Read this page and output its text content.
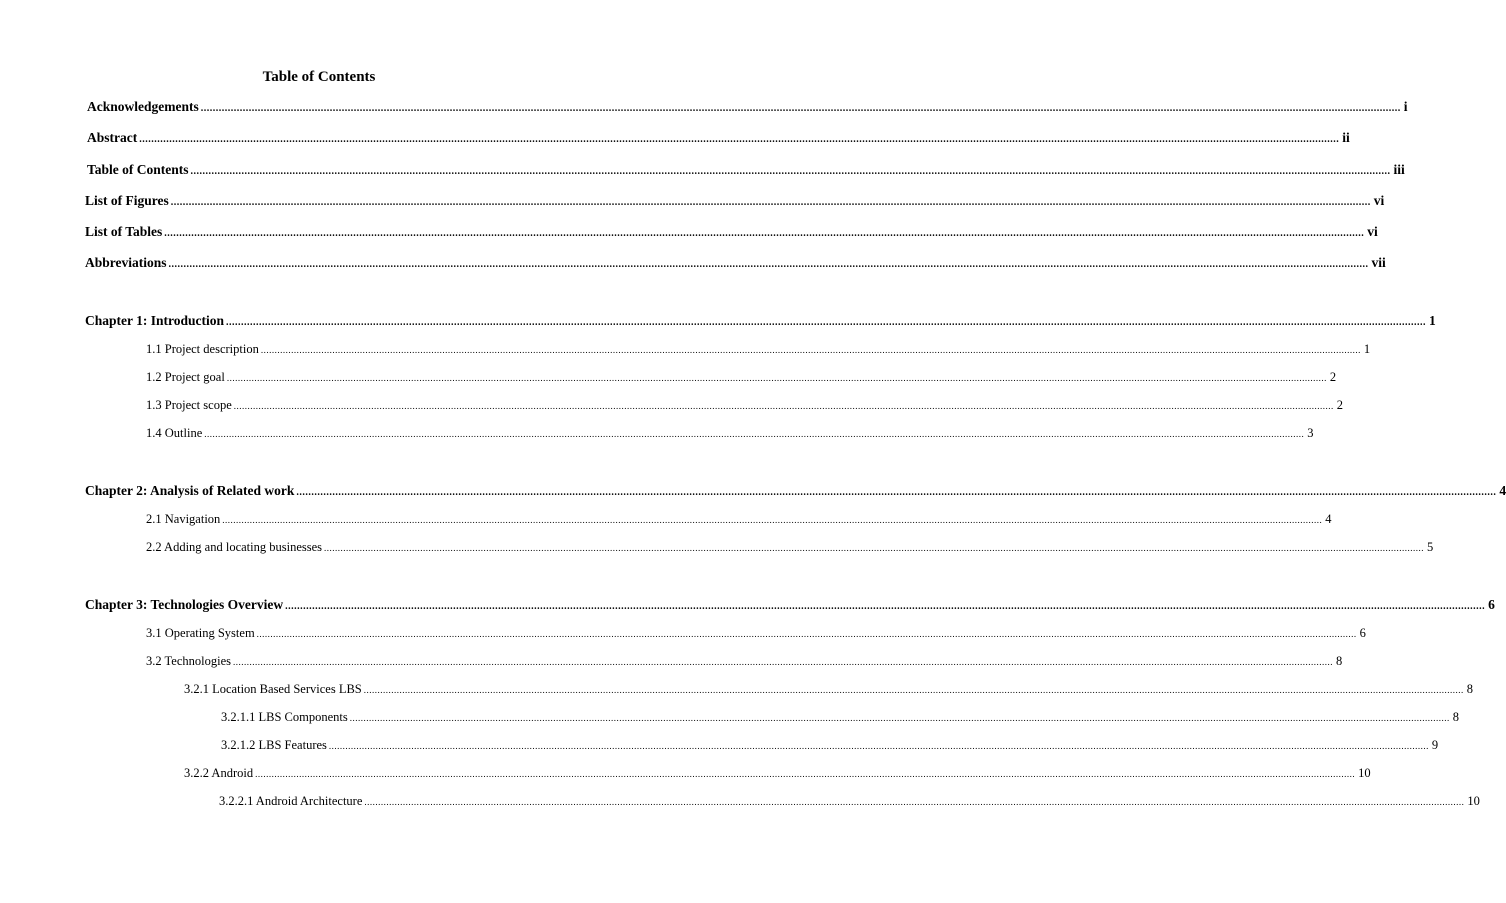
Table of Contents
Acknowledgements ................................................................................................................................................................................................................................................................................................................................................................................................................ i
Abstract ................................................................................................................................................................................................................................................................................................................................................................................................................ ii
Table of Contents ................................................................................................................................................................................................................................................................................................................................................................................................................ iii
List of Figures ................................................................................................................................................................................................................................................................................................................................................................................................................ vi
List of Tables ................................................................................................................................................................................................................................................................................................................................................................................................................ vi
Abbreviations ................................................................................................................................................................................................................................................................................................................................................................................................................ vii
Chapter 1: Introduction ................................................................................................................................................................................................................................................................................................................................................................................................................ 1
1.1 Project description ................................................................................................................................................................................................................................................................................................................................................................................................................ 1
1.2 Project goal ................................................................................................................................................................................................................................................................................................................................................................................................................ 2
1.3 Project scope ................................................................................................................................................................................................................................................................................................................................................................................................................ 2
1.4 Outline ................................................................................................................................................................................................................................................................................................................................................................................................................ 3
Chapter 2: Analysis of Related work ................................................................................................................................................................................................................................................................................................................................................................................................................ 4
2.1 Navigation ................................................................................................................................................................................................................................................................................................................................................................................................................ 4
2.2 Adding and locating businesses ................................................................................................................................................................................................................................................................................................................................................................................................................ 5
Chapter 3: Technologies Overview ................................................................................................................................................................................................................................................................................................................................................................................................................ 6
3.1 Operating System ................................................................................................................................................................................................................................................................................................................................................................................................................ 6
3.2 Technologies ................................................................................................................................................................................................................................................................................................................................................................................................................ 8
3.2.1 Location Based Services LBS ................................................................................................................................................................................................................................................................................................................................................................................................................ 8
3.2.1.1 LBS Components ................................................................................................................................................................................................................................................................................................................................................................................................................ 8
3.2.1.2 LBS Features ................................................................................................................................................................................................................................................................................................................................................................................................................ 9
3.2.2 Android ................................................................................................................................................................................................................................................................................................................................................................................................................ 10
3.2.2.1 Android Architecture ................................................................................................................................................................................................................................................................................................................................................................................................................ 10
